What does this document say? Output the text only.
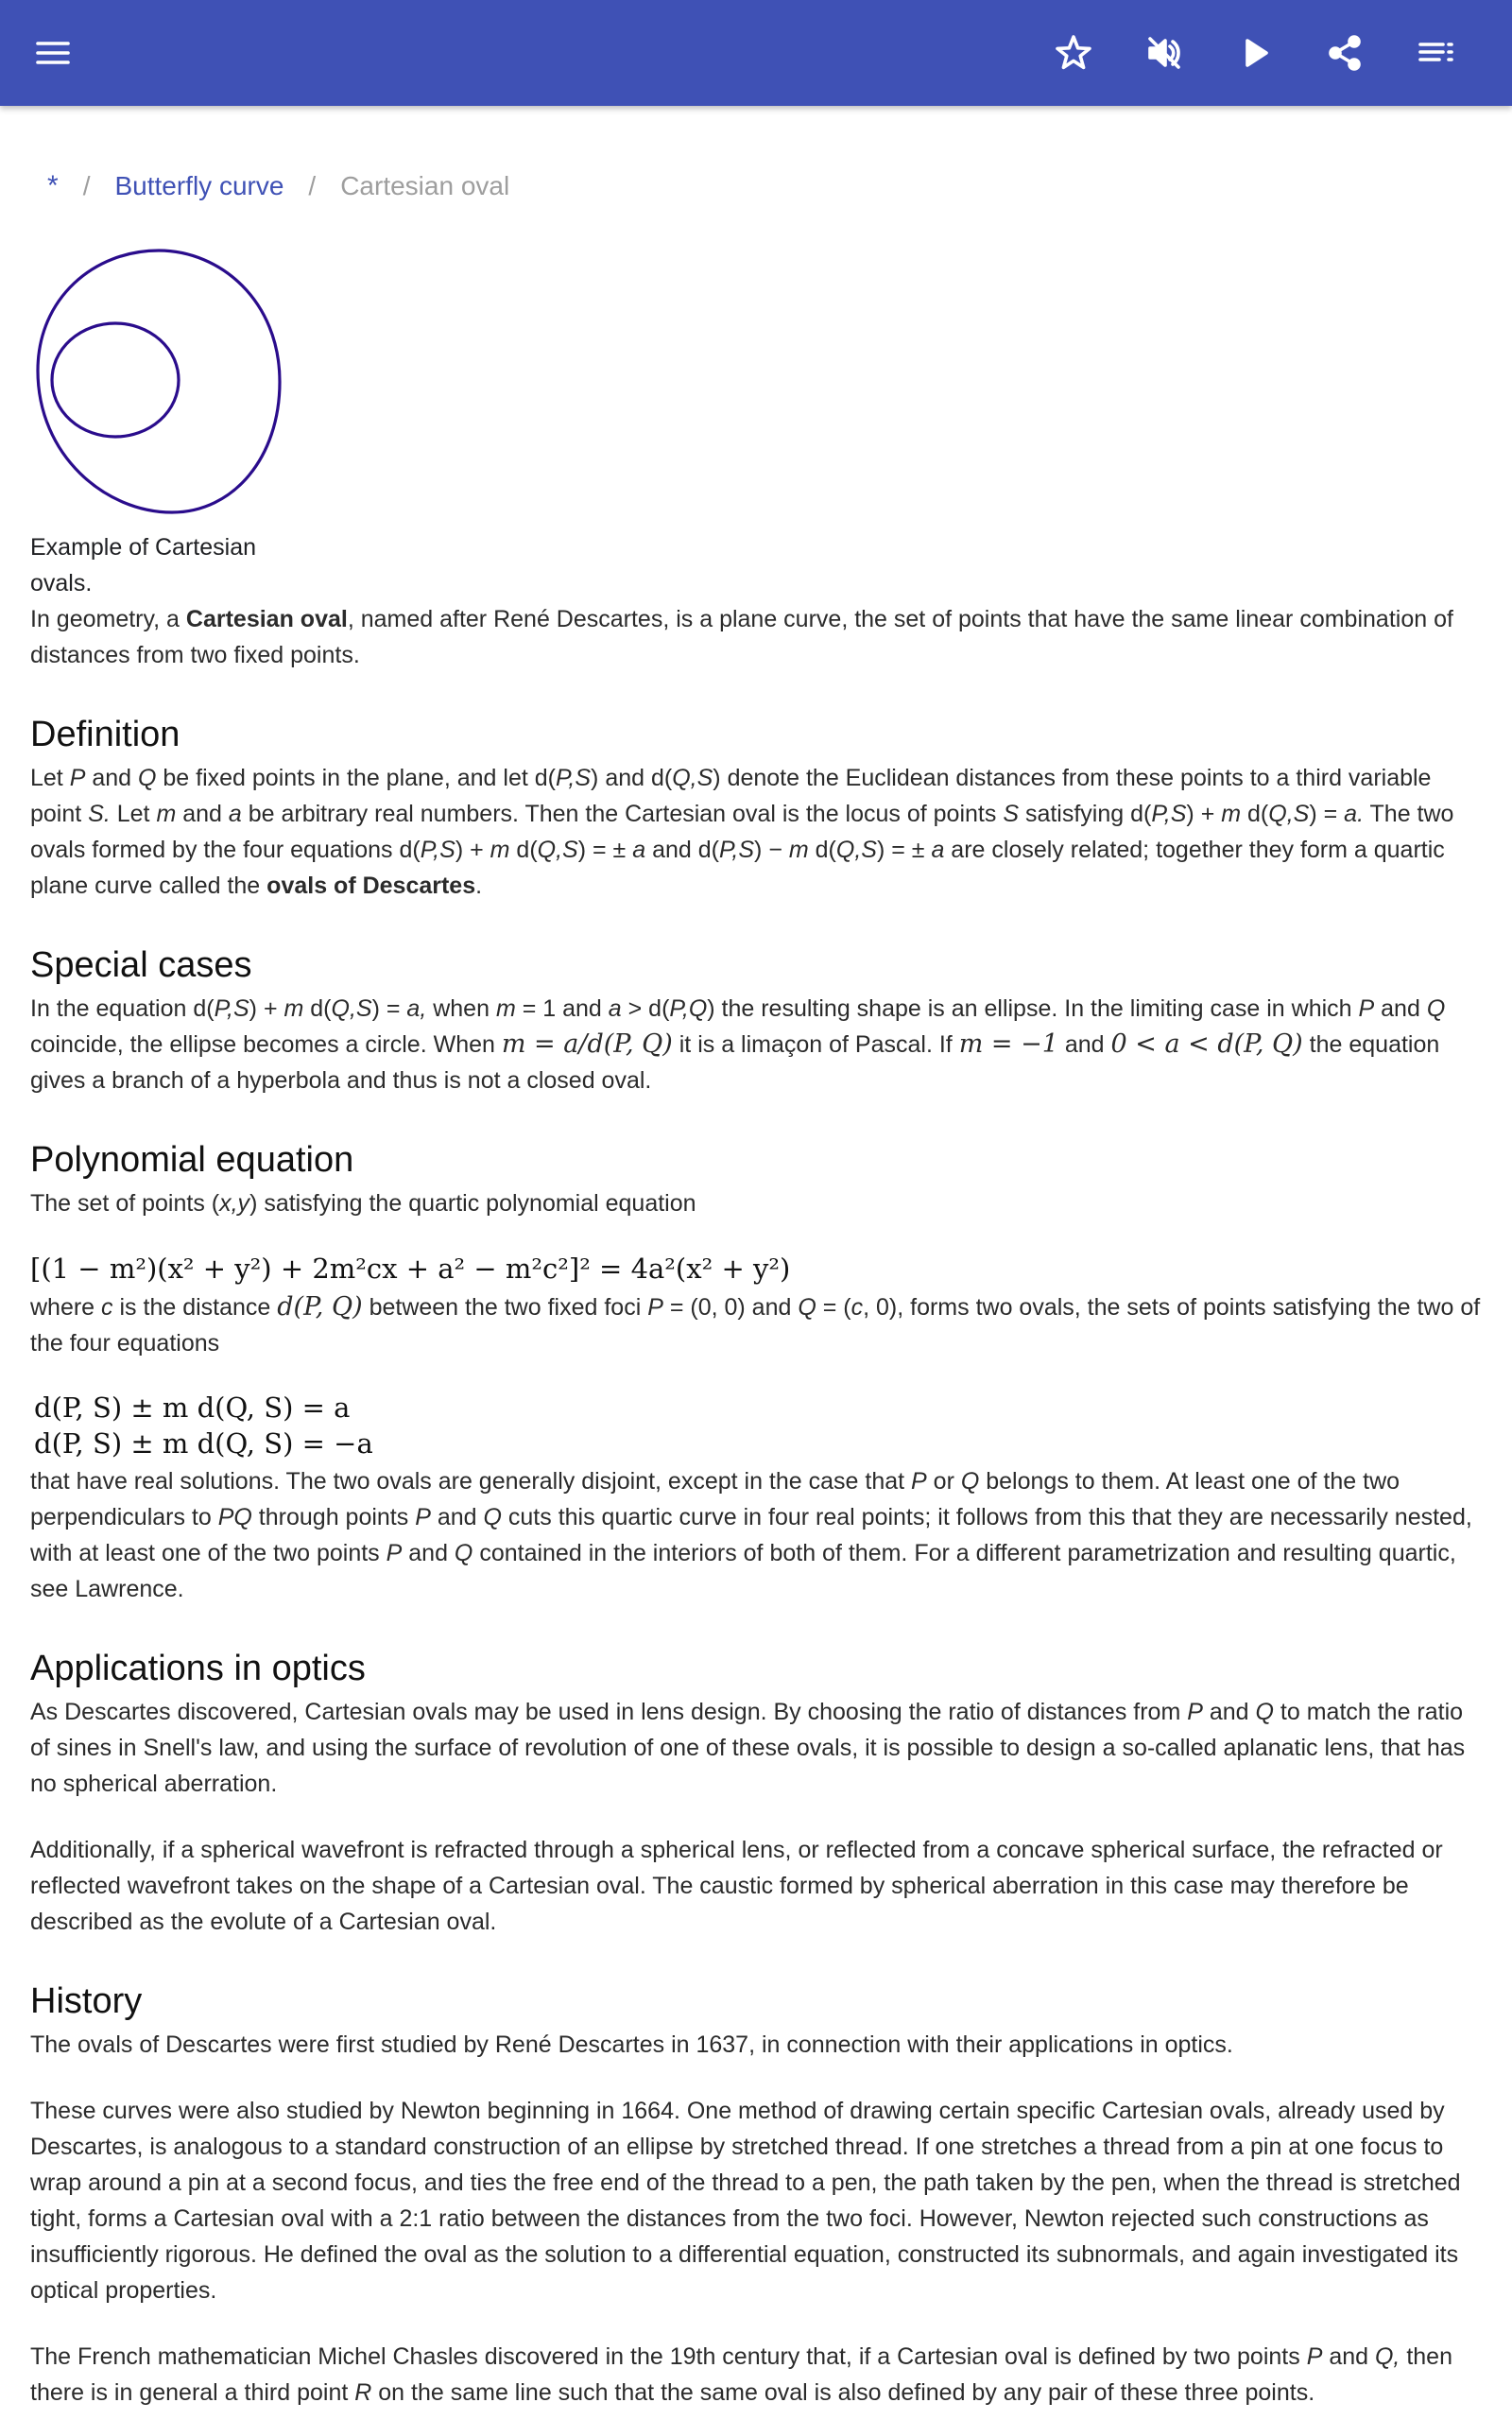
* / Butterfly curve / Cartesian oval
Example of Cartesian ovals.

In geometry, a Cartesian oval, named after René Descartes, is a plane curve, the set of points that have the same linear combination of distances from two fixed points.

Definition

Let P and Q be fixed points in the plane, and let d(P,S) and d(Q,S) denote the Euclidean distances from these points to a third variable point S. Let m and a be arbitrary real numbers. Then the Cartesian oval is the locus of points S satisfying d(P,S) + m d(Q,S) = a. The two ovals formed by the four equations d(P,S) + m d(Q,S) = ± a and d(P,S) − m d(Q,S) = ± a are closely related; together they form a quartic plane curve called the ovals of Descartes.

Special cases

In the equation d(P,S) + m d(Q,S) = a, when m = 1 and a > d(P,Q) the resulting shape is an ellipse. In the limiting case in which P and Q coincide, the ellipse becomes a circle. When m = a/d(P, Q) it is a limaçon of Pascal. If m = −1 and 0 < a < d(P, Q) the equation gives a branch of a hyperbola and thus is not a closed oval.

Polynomial equation

The set of points (x,y) satisfying the quartic polynomial equation

[(1 − m²)(x² + y²) + 2m²cx + a² − m²c²]² = 4a²(x² + y²)

where c is the distance d(P, Q) between the two fixed foci P = (0, 0) and Q = (c, 0), forms two ovals, the sets of points satisfying the two of the four equations

d(P, S) ± m d(Q, S) = a
d(P, S) ± m d(Q, S) = −a

that have real solutions. The two ovals are generally disjoint, except in the case that P or Q belongs to them. At least one of the two perpendiculars to PQ through points P and Q cuts this quartic curve in four real points; it follows from this that they are necessarily nested, with at least one of the two points P and Q contained in the interiors of both of them. For a different parametrization and resulting quartic, see Lawrence.

Applications in optics

As Descartes discovered, Cartesian ovals may be used in lens design. By choosing the ratio of distances from P and Q to match the ratio of sines in Snell's law, and using the surface of revolution of one of these ovals, it is possible to design a so-called aplanatic lens, that has no spherical aberration.

Additionally, if a spherical wavefront is refracted through a spherical lens, or reflected from a concave spherical surface, the refracted or reflected wavefront takes on the shape of a Cartesian oval. The caustic formed by spherical aberration in this case may therefore be described as the evolute of a Cartesian oval.

History

The ovals of Descartes were first studied by René Descartes in 1637, in connection with their applications in optics.

These curves were also studied by Newton beginning in 1664. One method of drawing certain specific Cartesian ovals, already used by Descartes, is analogous to a standard construction of an ellipse by stretched thread. If one stretches a thread from a pin at one focus to wrap around a pin at a second focus, and ties the free end of the thread to a pen, the path taken by the pen, when the thread is stretched tight, forms a Cartesian oval with a 2:1 ratio between the distances from the two foci. However, Newton rejected such constructions as insufficiently rigorous. He defined the oval as the solution to a differential equation, constructed its subnormals, and again investigated its optical properties.

The French mathematician Michel Chasles discovered in the 19th century that, if a Cartesian oval is defined by two points P and Q, then there is in general a third point R on the same line such that the same oval is also defined by any pair of these three points.
